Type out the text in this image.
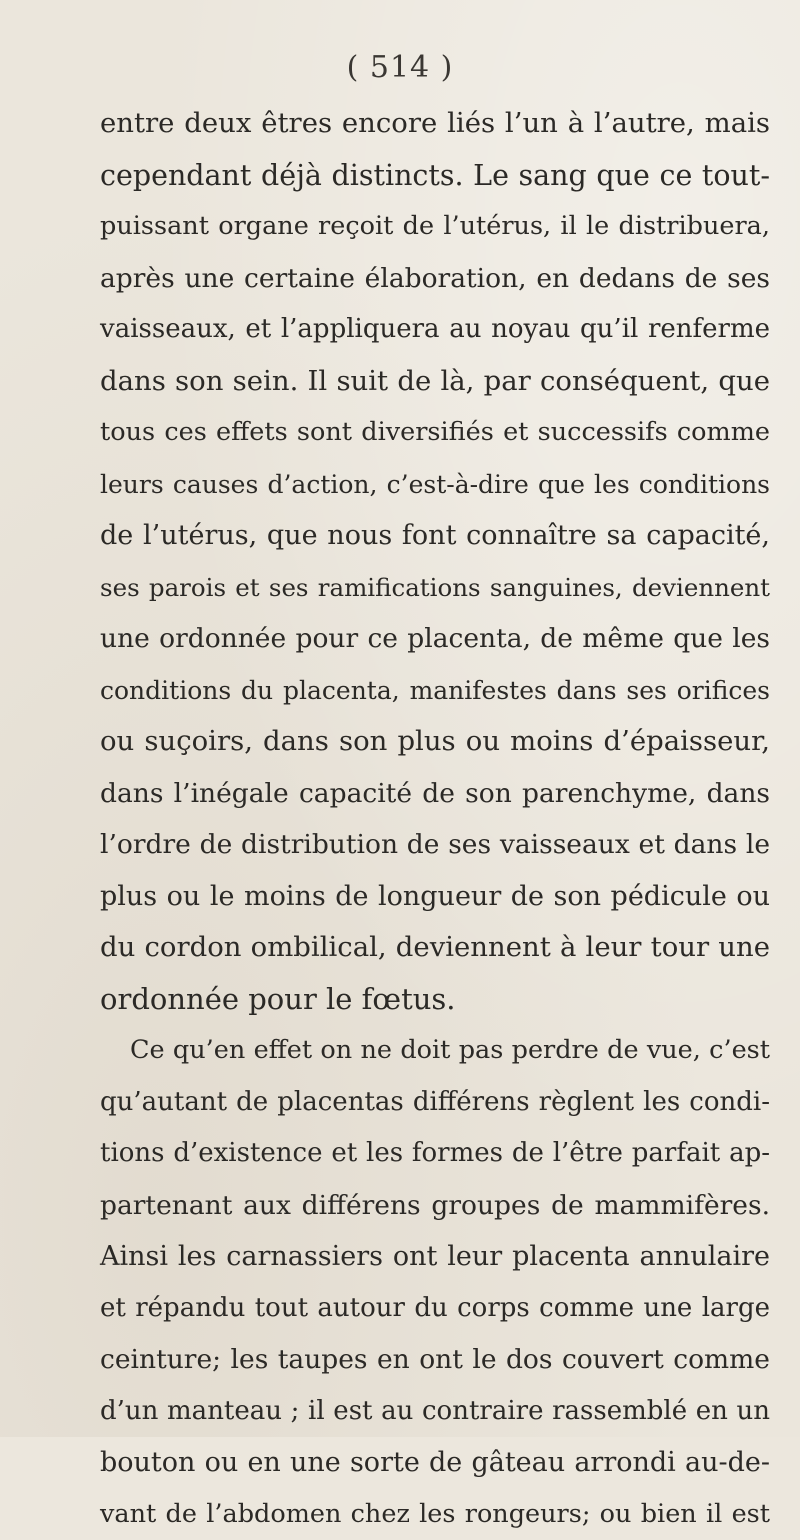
( 514 )
entre deux êtres encore liés l’un à l’autre, mais
cependant déjà distincts. Le sang que ce tout-
puissant organe reçoit de l’utérus, il le distribuera,
après une certaine élaboration, en dedans de ses
vaisseaux, et l’appliquera au noyau qu’il renferme
dans son sein. Il suit de là, par conséquent, que
tous ces effets sont diversifiés et successifs comme
leurs causes d’action, c’est-à-dire que les conditions
de l’utérus, que nous font connaître sa capacité,
ses parois et ses ramifications sanguines, deviennent
une ordonnée pour ce placenta, de même que les
conditions du placenta, manifestes dans ses orifices
ou suçoirs, dans son plus ou moins d’épaisseur,
dans l’inégale capacité de son parenchyme, dans
l’ordre de distribution de ses vaisseaux et dans le
plus ou le moins de longueur de son pédicule ou
du cordon ombilical, deviennent à leur tour une
ordonnée pour le fœtus.
Ce qu’en effet on ne doit pas perdre de vue, c’est
qu’autant de placentas différens règlent les condi-
tions d’existence et les formes de l’être parfait ap-
partenant aux différens groupes de mammifères.
Ainsi les carnassiers ont leur placenta annulaire
et répandu tout autour du corps comme une large
ceinture; les taupes en ont le dos couvert comme
d’un manteau ; il est au contraire rassemblé en un
bouton ou en une sorte de gâteau arrondi au-de-
vant de l’abdomen chez les rongeurs; ou bien il est
